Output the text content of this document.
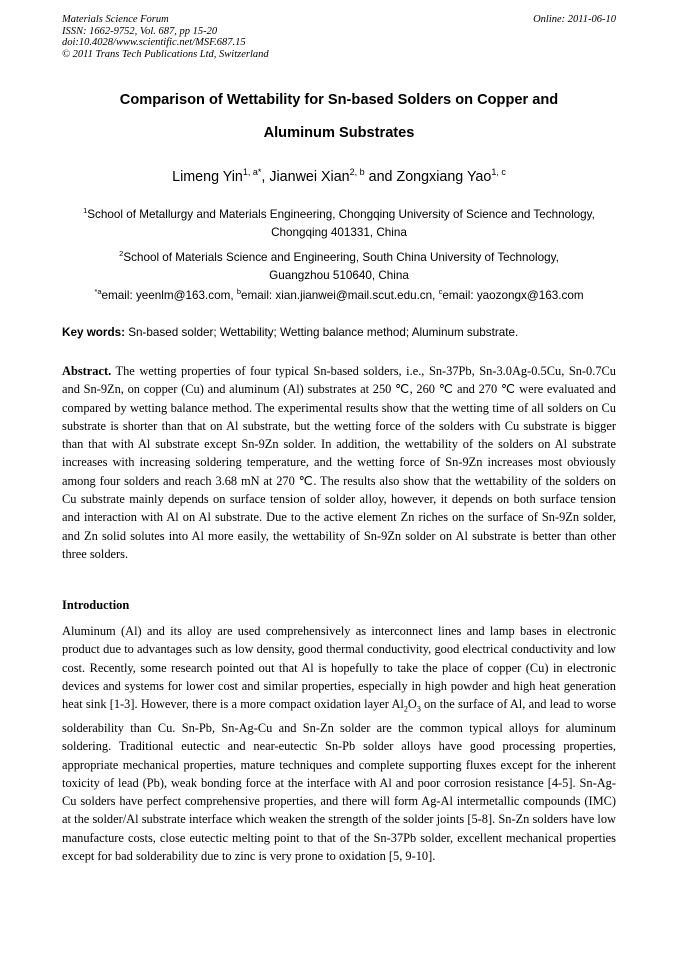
Materials Science Forum
ISSN: 1662-9752, Vol. 687, pp 15-20
doi:10.4028/www.scientific.net/MSF.687.15
© 2011 Trans Tech Publications Ltd, Switzerland
Online: 2011-06-10
Comparison of Wettability for Sn-based Solders on Copper and
Aluminum Substrates
Limeng Yin$^{1, a*}$, Jianwei Xian$^{2, b}$ and Zongxiang Yao$^{1, c}$
$^1$School of Metallurgy and Materials Engineering, Chongqing University of Science and Technology,
Chongqing 401331, China
$^2$School of Materials Science and Engineering, South China University of Technology,
Guangzhou 510640, China
$^{*a}$email: yeenlm@163.com, $^b$email: xian.jianwei@mail.scut.edu.cn, $^c$email: yaozongx@163.com
Key words: Sn-based solder; Wettability; Wetting balance method; Aluminum substrate.
Abstract. The wetting properties of four typical Sn-based solders, i.e., Sn-37Pb, Sn-3.0Ag-0.5Cu, Sn-0.7Cu and Sn-9Zn, on copper (Cu) and aluminum (Al) substrates at 250 ℃, 260 ℃ and 270 ℃ were evaluated and compared by wetting balance method. The experimental results show that the wetting time of all solders on Cu substrate is shorter than that on Al substrate, but the wetting force of the solders with Cu substrate is bigger than that with Al substrate except Sn-9Zn solder. In addition, the wettability of the solders on Al substrate increases with increasing soldering temperature, and the wetting force of Sn-9Zn increases most obviously among four solders and reach 3.68 mN at 270 ℃. The results also show that the wettability of the solders on Cu substrate mainly depends on surface tension of solder alloy, however, it depends on both surface tension and interaction with Al on Al substrate. Due to the active element Zn riches on the surface of Sn-9Zn solder, and Zn solid solutes into Al more easily, the wettability of Sn-9Zn solder on Al substrate is better than other three solders.
Introduction
Aluminum (Al) and its alloy are used comprehensively as interconnect lines and lamp bases in electronic product due to advantages such as low density, good thermal conductivity, good electrical conductivity and low cost. Recently, some research pointed out that Al is hopefully to take the place of copper (Cu) in electronic devices and systems for lower cost and similar properties, especially in high powder and high heat generation heat sink [1-3]. However, there is a more compact oxidation layer $Al_2O_3$ on the surface of Al, and lead to worse solderability than Cu. Sn-Pb, Sn-Ag-Cu and Sn-Zn solder are the common typical alloys for aluminum soldering. Traditional eutectic and near-eutectic Sn-Pb solder alloys have good processing properties, appropriate mechanical properties, mature techniques and complete supporting fluxes except for the inherent toxicity of lead (Pb), weak bonding force at the interface with Al and poor corrosion resistance [4-5]. Sn-Ag-Cu solders have perfect comprehensive properties, and there will form Ag-Al intermetallic compounds (IMC) at the solder/Al substrate interface which weaken the strength of the solder joints [5-8]. Sn-Zn solders have low manufacture costs, close eutectic melting point to that of the Sn-37Pb solder, excellent mechanical properties except for bad solderability due to zinc is very prone to oxidation [5, 9-10].
